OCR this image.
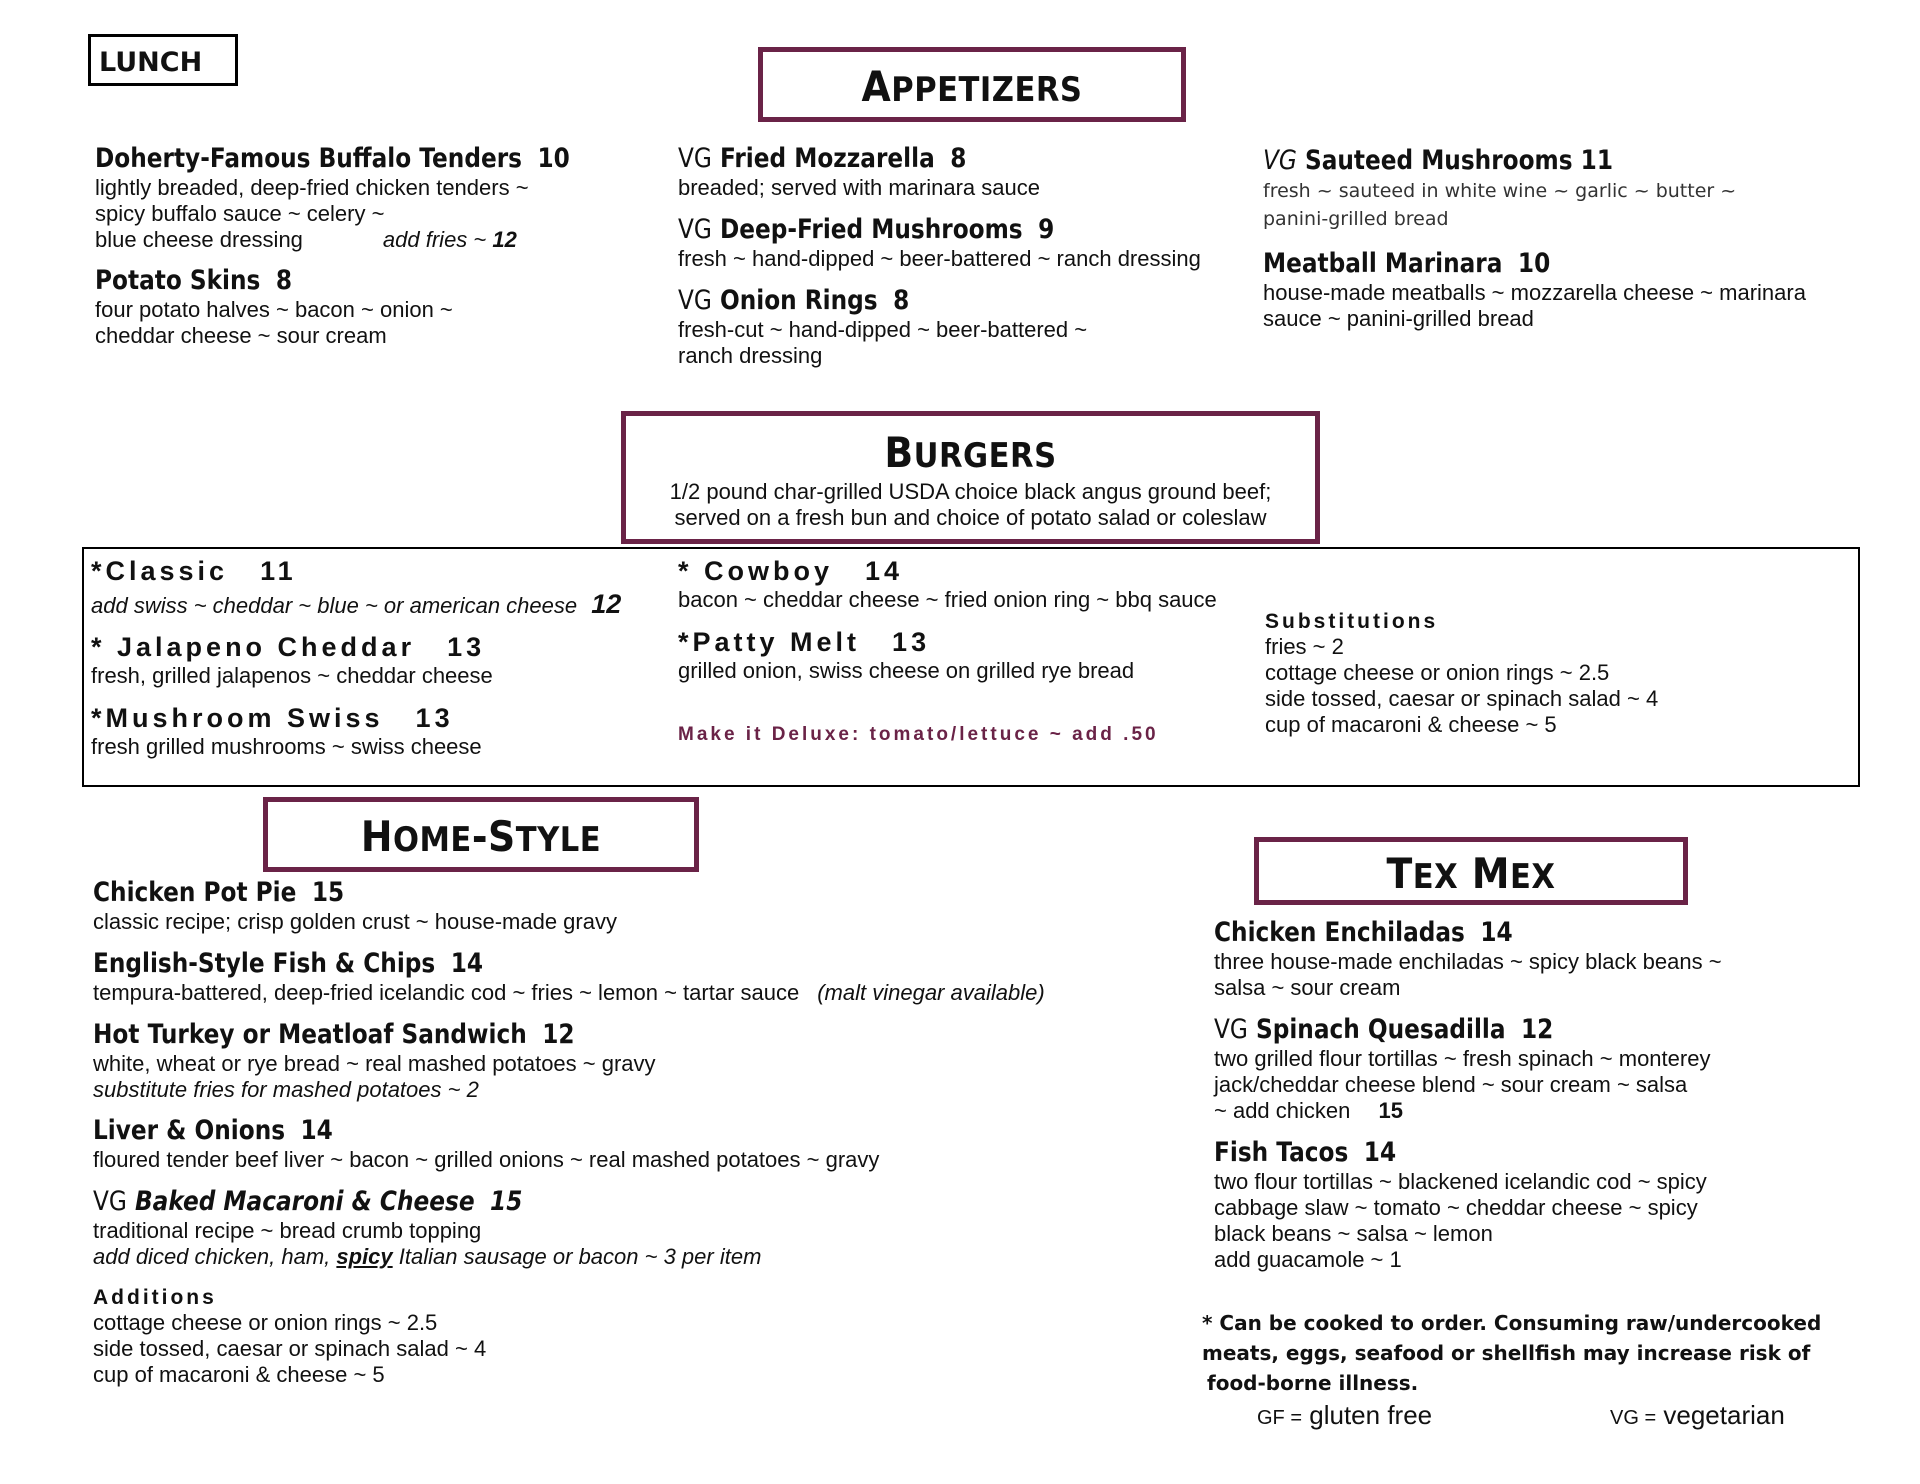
LUNCH	APPETIZERS
Doherty-Famous Buffalo Tenders 10
lightly breaded, deep-fried chicken tenders ~
spicy buffalo sauce ~ celery ~
blue cheese dressing	add fries ~ 12
Potato Skins 8
four potato halves ~ bacon ~ onion ~
cheddar cheese ~ sour cream
VG Fried Mozzarella 8
breaded; served with marinara sauce
VG Deep-Fried Mushrooms 9
fresh ~ hand-dipped ~ beer-battered ~ ranch dressing
VG Onion Rings 8
fresh-cut ~ hand-dipped ~ beer-battered ~
ranch dressing
VG Sauteed Mushrooms 11
fresh ~ sauteed in white wine ~ garlic ~ butter ~
panini-grilled bread
Meatball Marinara 10
house-made meatballs ~ mozzarella cheese ~ marinara
sauce ~ panini-grilled bread
BURGERS
1/2 pound char-grilled USDA choice black angus ground beef;
served on a fresh bun and choice of potato salad or coleslaw
*Classic 11
add swiss ~ cheddar ~ blue ~ or american cheese 12
* Jalapeno Cheddar 13
fresh, grilled jalapenos ~ cheddar cheese
*Mushroom Swiss 13
fresh grilled mushrooms ~ swiss cheese
* Cowboy 14
bacon ~ cheddar cheese ~ fried onion ring ~ bbq sauce
*Patty Melt 13
grilled onion, swiss cheese on grilled rye bread
Make it Deluxe: tomato/lettuce ~ add .50
Substitutions
fries ~ 2
cottage cheese or onion rings ~ 2.5
side tossed, caesar or spinach salad ~ 4
cup of macaroni & cheese ~ 5
HOME-STYLE
Chicken Pot Pie 15
classic recipe; crisp golden crust ~ house-made gravy
English-Style Fish & Chips 14
tempura-battered, deep-fried icelandic cod ~ fries ~ lemon ~ tartar sauce (malt vinegar available)
Hot Turkey or Meatloaf Sandwich 12
white, wheat or rye bread ~ real mashed potatoes ~ gravy
substitute fries for mashed potatoes ~ 2
Liver & Onions 14
floured tender beef liver ~ bacon ~ grilled onions ~ real mashed potatoes ~ gravy
VG Baked Macaroni & Cheese 15
traditional recipe ~ bread crumb topping
add diced chicken, ham, spicy Italian sausage or bacon ~ 3 per item
Additions
cottage cheese or onion rings ~ 2.5
side tossed, caesar or spinach salad ~ 4
cup of macaroni & cheese ~ 5
TEX MEX
Chicken Enchiladas 14
three house-made enchiladas ~ spicy black beans ~
salsa ~ sour cream
VG Spinach Quesadilla 12
two grilled flour tortillas ~ fresh spinach ~ monterey
jack/cheddar cheese blend ~ sour cream ~ salsa
~ add chicken 15
Fish Tacos 14
two flour tortillas ~ blackened icelandic cod ~ spicy
cabbage slaw ~ tomato ~ cheddar cheese ~ spicy
black beans ~ salsa ~ lemon
add guacamole ~ 1
* Can be cooked to order. Consuming raw/undercooked
meats, eggs, seafood or shellfish may increase risk of
food-borne illness.
GF = gluten free	VG = vegetarian
